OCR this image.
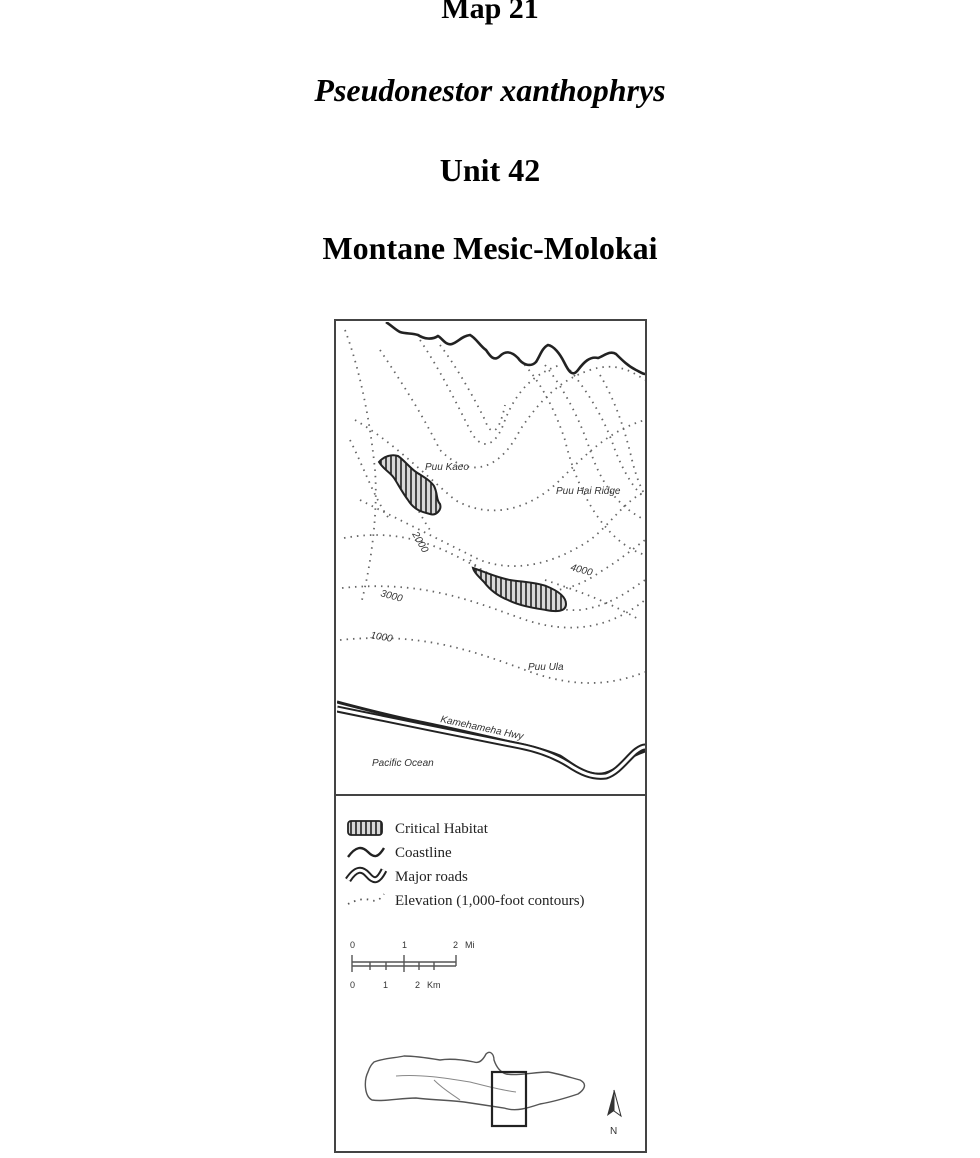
Map 21
Pseudonestor xanthophrys
Unit 42
Montane Mesic-Molokai
Puu Kaeo
Puu Hai Ridge
Puu Ula
Pacific Ocean
2000
3000
4000
1000
Kamehameha Hwy
Critical Habitat
Coastline
Major roads
Elevation (1,000-foot contours)
0	1	2 Mi
0	1	2 Km
N
